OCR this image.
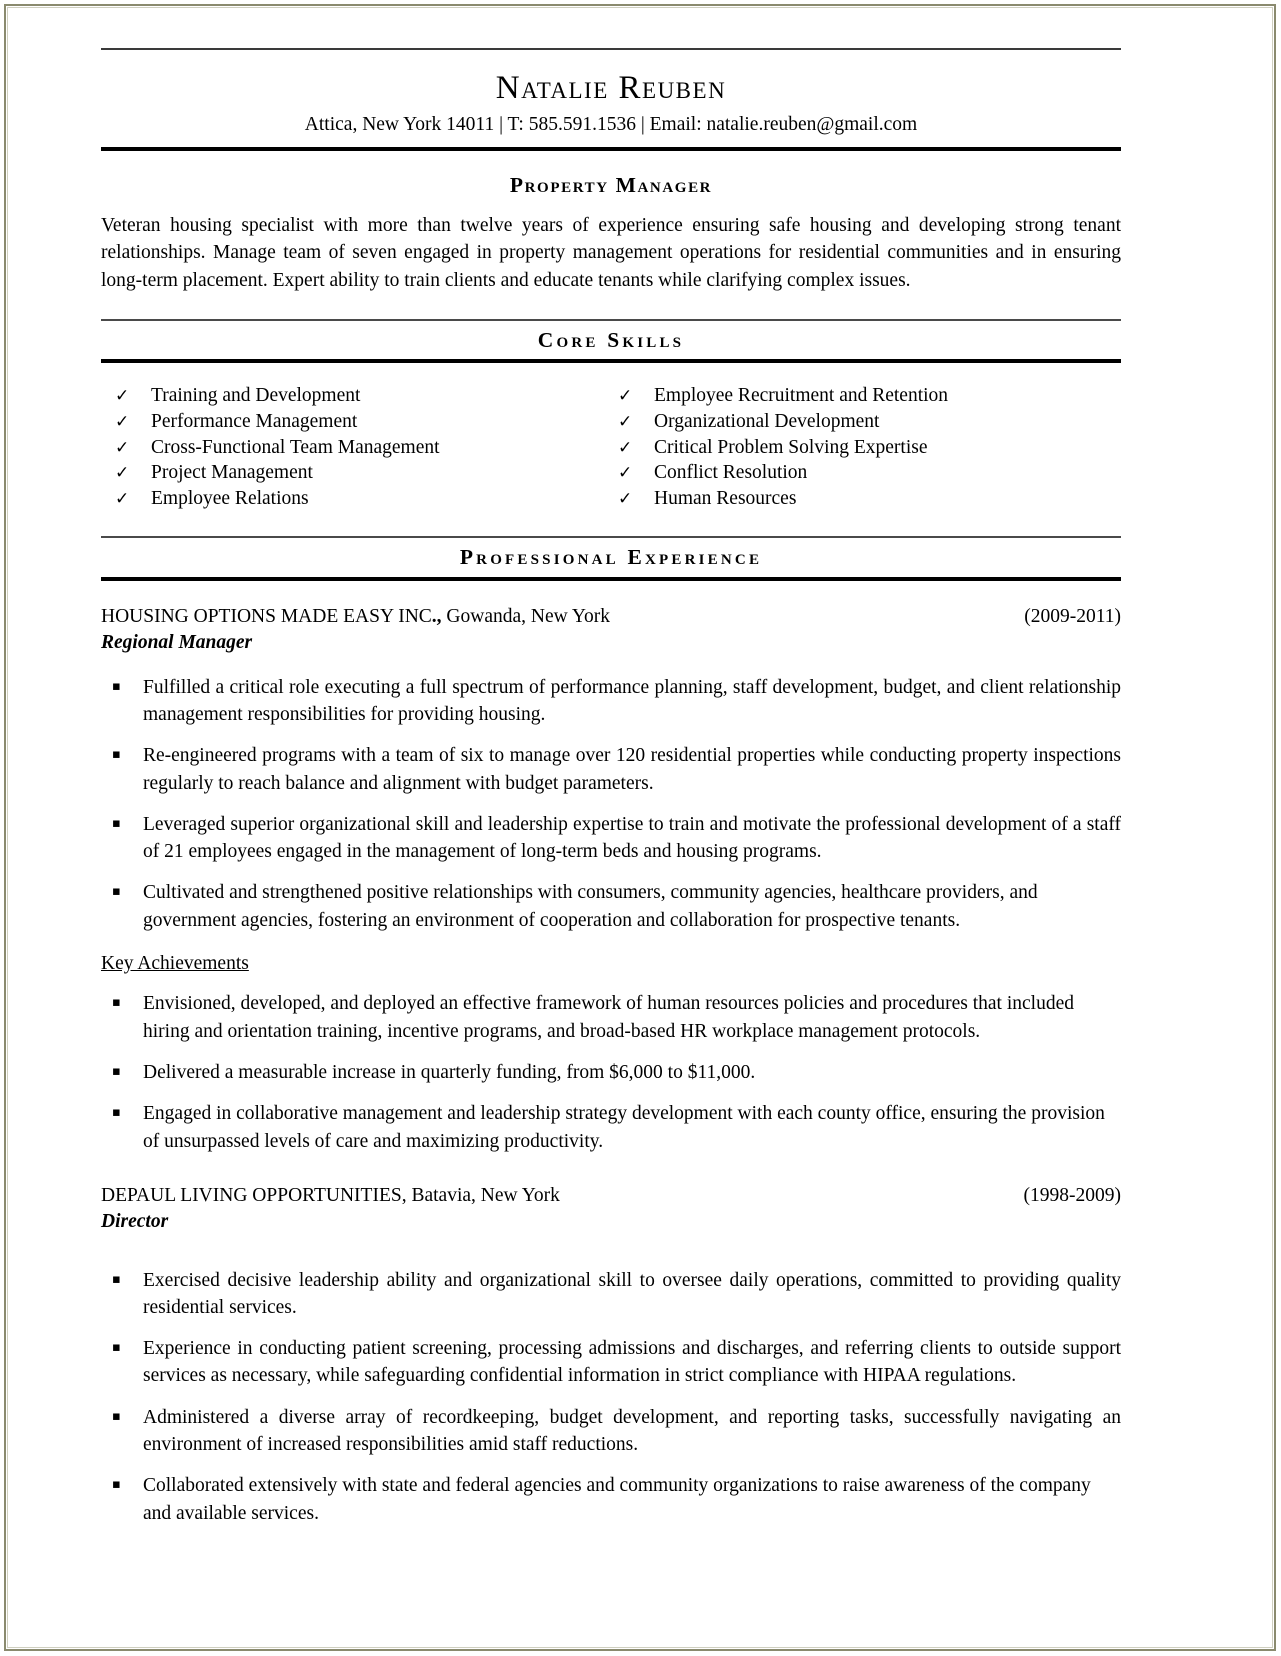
Natalie Reuben
Attica, New York 14011 | T: 585.591.1536 | Email: natalie.reuben@gmail.com
Property Manager
Veteran housing specialist with more than twelve years of experience ensuring safe housing and developing strong tenant relationships. Manage team of seven engaged in property management operations for residential communities and in ensuring long-term placement. Expert ability to train clients and educate tenants while clarifying complex issues.
Core Skills
✓	Training and Development
✓	Performance Management
✓	Cross-Functional Team Management
✓	Project Management
✓	Employee Relations
✓	Employee Recruitment and Retention
✓	Organizational Development
✓	Critical Problem Solving Expertise
✓	Conflict Resolution
✓	Human Resources
Professional Experience
HOUSING OPTIONS MADE EASY INC., Gowanda, New York	(2009-2011)
Regional Manager
▪	Fulfilled a critical role executing a full spectrum of performance planning, staff development, budget, and client relationship management responsibilities for providing housing.
▪	Re-engineered programs with a team of six to manage over 120 residential properties while conducting property inspections regularly to reach balance and alignment with budget parameters.
▪	Leveraged superior organizational skill and leadership expertise to train and motivate the professional development of a staff of 21 employees engaged in the management of long-term beds and housing programs.
▪	Cultivated and strengthened positive relationships with consumers, community agencies, healthcare providers, and government agencies, fostering an environment of cooperation and collaboration for prospective tenants.
Key Achievements
▪	Envisioned, developed, and deployed an effective framework of human resources policies and procedures that included hiring and orientation training, incentive programs, and broad-based HR workplace management protocols.
▪	Delivered a measurable increase in quarterly funding, from $6,000 to $11,000.
▪	Engaged in collaborative management and leadership strategy development with each county office, ensuring the provision of unsurpassed levels of care and maximizing productivity.
DEPAUL LIVING OPPORTUNITIES, Batavia, New York	(1998-2009)
Director
▪	Exercised decisive leadership ability and organizational skill to oversee daily operations, committed to providing quality residential services.
▪	Experience in conducting patient screening, processing admissions and discharges, and referring clients to outside support services as necessary, while safeguarding confidential information in strict compliance with HIPAA regulations.
▪	Administered a diverse array of recordkeeping, budget development, and reporting tasks, successfully navigating an environment of increased responsibilities amid staff reductions.
▪	Collaborated extensively with state and federal agencies and community organizations to raise awareness of the company and available services.
